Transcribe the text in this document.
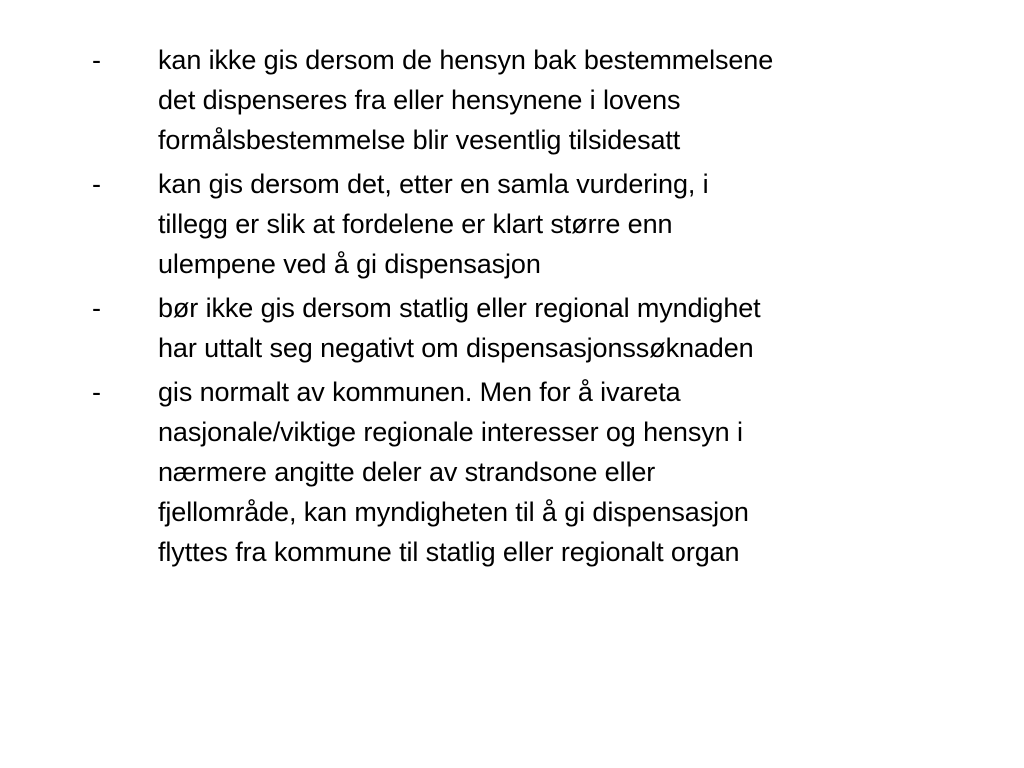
-	kan ikke gis dersom de hensyn bak bestemmelsene
det dispenseres fra eller hensynene i lovens
formålsbestemmelse blir vesentlig tilsidesatt
-	kan gis dersom det, etter en samla vurdering, i
tillegg er slik at fordelene er klart større enn
ulempene ved å gi dispensasjon
-	bør ikke gis dersom statlig eller regional myndighet
har uttalt seg negativt om dispensasjonssøknaden
-	gis normalt av kommunen. Men for å ivareta
nasjonale/viktige regionale interesser og hensyn i
nærmere angitte deler av strandsone eller
fjellområde, kan myndigheten til å gi dispensasjon
flyttes fra kommune til statlig eller regionalt organ
